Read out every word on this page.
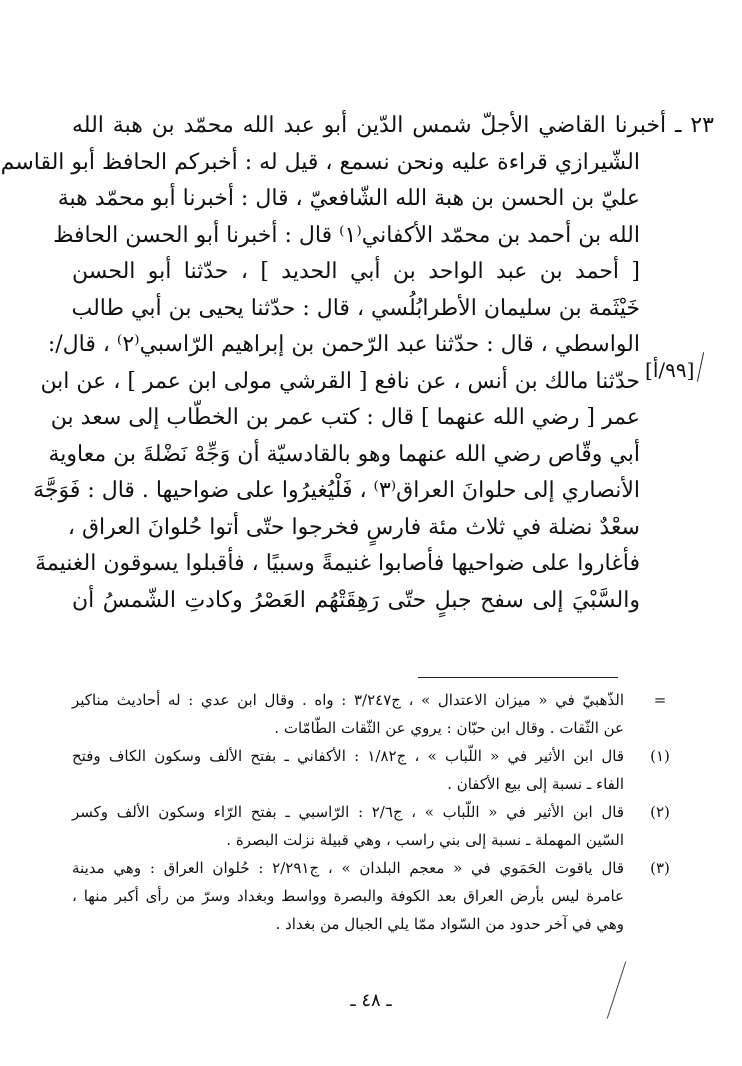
[٩٩/أ]
٢٣ ـ أخبرنا القاضي الأجلّ شمس الدّين أبو عبد الله محمّد بن هبة الله
الشّيرازي قراءة عليه ونحن نسمع ، قيل له : أخبركم الحافظ أبو القاسم
عليّ بن الحسن بن هبة الله الشّافعيّ ، قال : أخبرنا أبو محمّد هبة
الله بن أحمد بن محمّد الأكفاني⁽١⁾ قال : أخبرنا أبو الحسن الحافظ
[ أحمد بن عبد الواحد بن أبي الحديد ] ، حدّثنا أبو الحسن
خَيْثَمة بن سليمان الأطرابُلُسي ، قال : حدّثنا يحيى بن أبي طالب
الواسطي ، قال : حدّثنا عبد الرّحمن بن إبراهيم الرّاسبي⁽٢⁾ ، قال/:
حدّثنا مالك بن أنس ، عن نافع [ القرشي مولى ابن عمر ] ، عن ابن
عمر [ رضي الله عنهما ] قال : كتب عمر بن الخطّاب إلى سعد بن
أبي وقّاص رضي الله عنهما وهو بالقادسيّة أن وَجِّهْ نَضْلةَ بن معاوية
الأنصاري إلى حلوانَ العراق⁽٣⁾ ، فَلْيُغيرُوا على ضواحيها . قال : فَوَجَّهَ
سعْدٌ نضلة في ثلاث مئة فارسٍ فخرجوا حتّى أتوا حُلوانَ العراق ،
فأغاروا على ضواحيها فأصابوا غنيمةً وسبيًا ، فأقبلوا يسوقون الغنيمةَ
والسَّبْيَ إلى سفح جبلٍ حتّى رَهِقَتْهُم العَصْرُ وكادتِ الشّمسُ أن
=
الذّهبيّ في « ميزان الاعتدال » ، ج٣/٢٤٧ : واه . وقال ابن عدي : له أحاديث مناكير
عن الثّقات . وقال ابن حبّان : يروي عن الثّقات الطّامّات .
(١)
قال ابن الأثير في « اللّباب » ، ج١/٨٢ : الأكفاني ـ بفتح الألف وسكون الكاف وفتح
الفاء ـ نسبة إلى بيع الأكفان .
(٢)
قال ابن الأثير في « اللّباب » ، ج٢/٦ : الرّاسبي ـ بفتح الرّاء وسكون الألف وكسر
السّين المهملة ـ نسبة إلى بني راسب ، وهي قبيلة نزلت البصرة .
(٣)
قال ياقوت الحَمَوي في « معجم البلدان » ، ج٢/٢٩١ : حُلوان العراق : وهي مدينة
عامرة ليس بأرض العراق بعد الكوفة والبصرة وواسط وبغداد وسرّ من رأى أكبر منها ،
وهي في آخر حدود من السّواد ممّا يلي الجبال من بغداد .
ـ ٤٨ ـ
